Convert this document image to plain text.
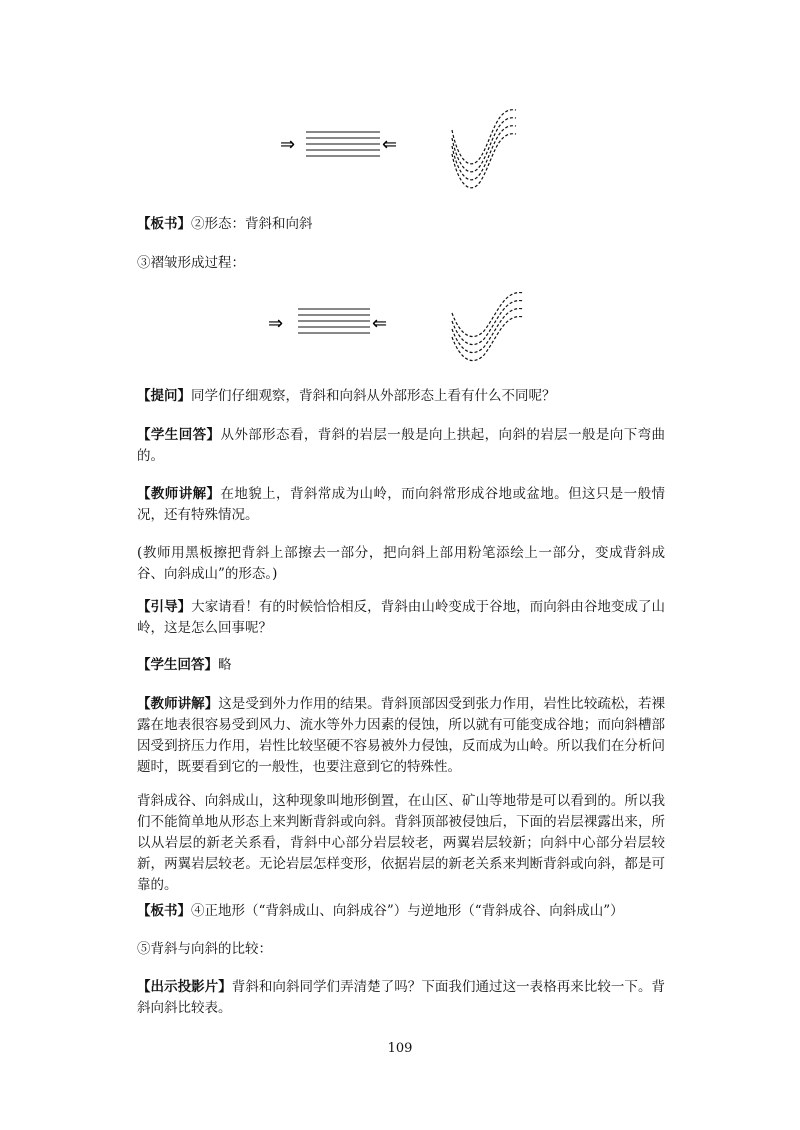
⇒	⇐

【板书】②形态：背斜和向斜

③褶皱形成过程：

⇒	⇐

【提问】同学们仔细观察，背斜和向斜从外部形态上看有什么不同呢？

【学生回答】从外部形态看，背斜的岩层一般是向上拱起，向斜的岩层一般是向下弯曲的。

【教师讲解】在地貌上，背斜常成为山岭，而向斜常形成谷地或盆地。但这只是一般情况，还有特殊情况。

(教师用黑板擦把背斜上部擦去一部分，把向斜上部用粉笔添绘上一部分，变成背斜成谷、向斜成山”的形态。)

【引导】大家请看！有的时候恰恰相反，背斜由山岭变成于谷地，而向斜由谷地变成了山岭，这是怎么回事呢？

【学生回答】略

【教师讲解】这是受到外力作用的结果。背斜顶部因受到张力作用，岩性比较疏松，若裸露在地表很容易受到风力、流水等外力因素的侵蚀，所以就有可能变成谷地；而向斜槽部因受到挤压力作用，岩性比较坚硬不容易被外力侵蚀，反而成为山岭。所以我们在分析问题时，既要看到它的一般性，也要注意到它的特殊性。

背斜成谷、向斜成山，这种现象叫地形倒置，在山区、矿山等地带是可以看到的。所以我们不能简单地从形态上来判断背斜或向斜。背斜顶部被侵蚀后，下面的岩层裸露出来，所以从岩层的新老关系看，背斜中心部分岩层较老，两翼岩层较新；向斜中心部分岩层较新，两翼岩层较老。无论岩层怎样变形，依据岩层的新老关系来判断背斜或向斜，都是可靠的。

【板书】④正地形（“背斜成山、向斜成谷”）与逆地形（“背斜成谷、向斜成山”）

⑤背斜与向斜的比较：

【出示投影片】背斜和向斜同学们弄清楚了吗？下面我们通过这一表格再来比较一下。背斜向斜比较表。

109
